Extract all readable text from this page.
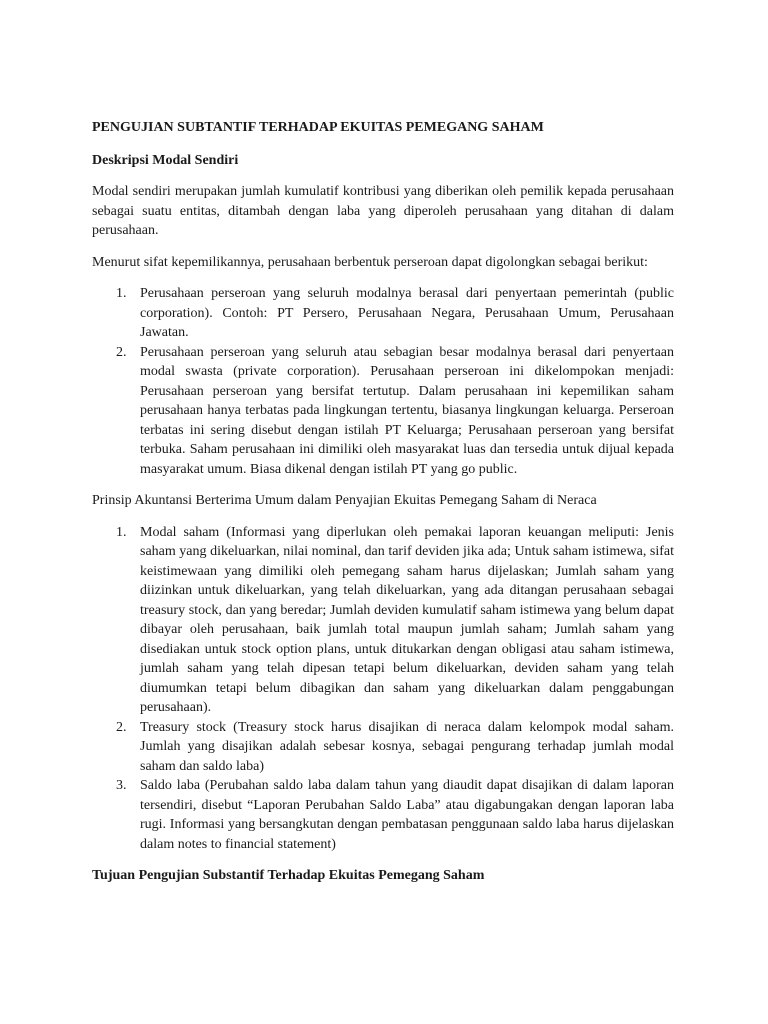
PENGUJIAN SUBTANTIF TERHADAP EKUITAS PEMEGANG SAHAM
Deskripsi Modal Sendiri

Modal sendiri merupakan jumlah kumulatif kontribusi yang diberikan oleh pemilik kepada perusahaan sebagai suatu entitas, ditambah dengan laba yang diperoleh perusahaan yang ditahan di dalam perusahaan.

Menurut sifat kepemilikannya, perusahaan berbentuk perseroan dapat digolongkan sebagai berikut:

1. Perusahaan perseroan yang seluruh modalnya berasal dari penyertaan pemerintah (public corporation). Contoh: PT Persero, Perusahaan Negara, Perusahaan Umum, Perusahaan Jawatan.
2. Perusahaan perseroan yang seluruh atau sebagian besar modalnya berasal dari penyertaan modal swasta (private corporation). Perusahaan perseroan ini dikelompokan menjadi: Perusahaan perseroan yang bersifat tertutup. Dalam perusahaan ini kepemilikan saham perusahaan hanya terbatas pada lingkungan tertentu, biasanya lingkungan keluarga. Perseroan terbatas ini sering disebut dengan istilah PT Keluarga; Perusahaan perseroan yang bersifat terbuka. Saham perusahaan ini dimiliki oleh masyarakat luas dan tersedia untuk dijual kepada masyarakat umum. Biasa dikenal dengan istilah PT yang go public.

Prinsip Akuntansi Berterima Umum dalam Penyajian Ekuitas Pemegang Saham di Neraca

1. Modal saham (Informasi yang diperlukan oleh pemakai laporan keuangan meliputi: Jenis saham yang dikeluarkan, nilai nominal, dan tarif deviden jika ada; Untuk saham istimewa, sifat keistimewaan yang dimiliki oleh pemegang saham harus dijelaskan; Jumlah saham yang diizinkan untuk dikeluarkan, yang telah dikeluarkan, yang ada ditangan perusahaan sebagai treasury stock, dan yang beredar; Jumlah deviden kumulatif saham istimewa yang belum dapat dibayar oleh perusahaan, baik jumlah total maupun jumlah saham; Jumlah saham yang disediakan untuk stock option plans, untuk ditukarkan dengan obligasi atau saham istimewa, jumlah saham yang telah dipesan tetapi belum dikeluarkan, deviden saham yang telah diumumkan tetapi belum dibagikan dan saham yang dikeluarkan dalam penggabungan perusahaan).
2. Treasury stock (Treasury stock harus disajikan di neraca dalam kelompok modal saham. Jumlah yang disajikan adalah sebesar kosnya, sebagai pengurang terhadap jumlah modal saham dan saldo laba)
3. Saldo laba (Perubahan saldo laba dalam tahun yang diaudit dapat disajikan di dalam laporan tersendiri, disebut “Laporan Perubahan Saldo Laba” atau digabungakan dengan laporan laba rugi. Informasi yang bersangkutan dengan pembatasan penggunaan saldo laba harus dijelaskan dalam notes to financial statement)
Tujuan Pengujian Substantif Terhadap Ekuitas Pemegang Saham
